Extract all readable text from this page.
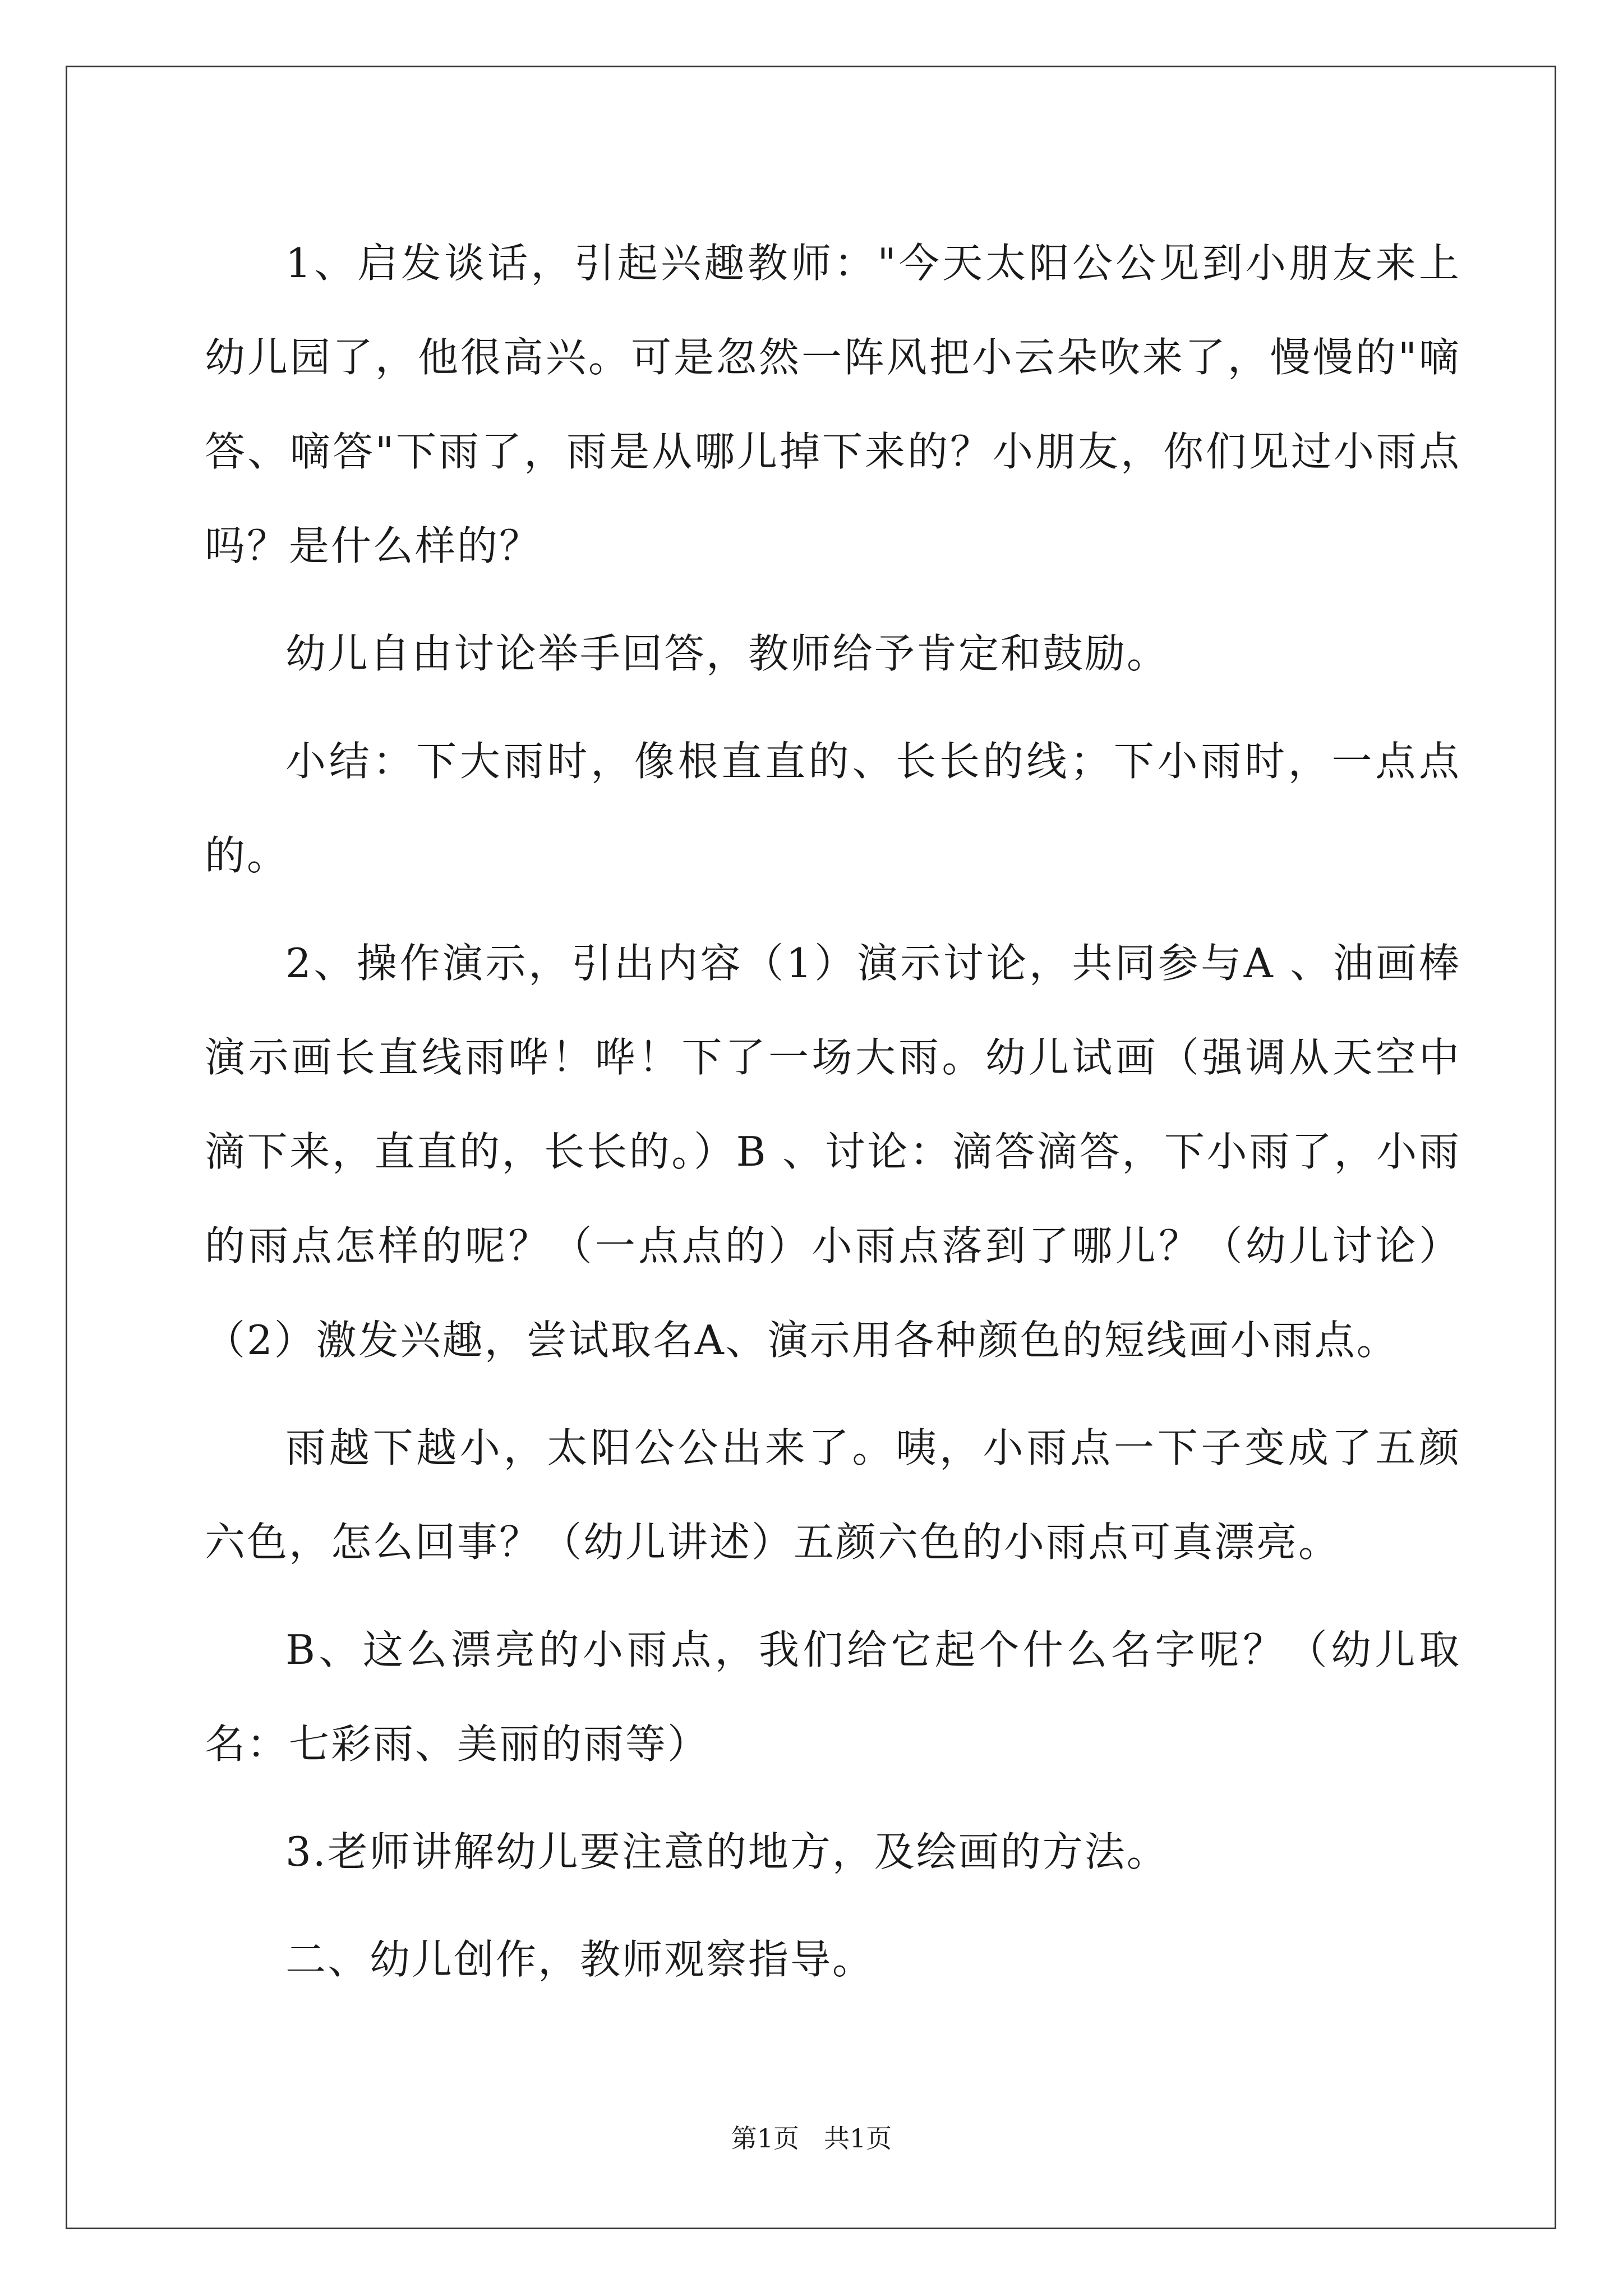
1、启发谈话，引起兴趣教师："今天太阳公公见到小朋友来上幼儿园了，他很高兴。可是忽然一阵风把小云朵吹来了，慢慢的"嘀答、嘀答"下雨了，雨是从哪儿掉下来的？小朋友，你们见过小雨点吗？是什么样的？

幼儿自由讨论举手回答，教师给予肯定和鼓励。

小结：下大雨时，像根直直的、长长的线；下小雨时，一点点的。

2、操作演示，引出内容（1）演示讨论，共同参与A 、油画棒演示画长直线雨哗！哗！下了一场大雨。幼儿试画（强调从天空中滴下来，直直的，长长的。）B 、讨论：滴答滴答，下小雨了，小雨的雨点怎样的呢？（一点点的）小雨点落到了哪儿？（幼儿讨论）（2）激发兴趣，尝试取名A、演示用各种颜色的短线画小雨点。

雨越下越小，太阳公公出来了。咦，小雨点一下子变成了五颜六色，怎么回事？（幼儿讲述）五颜六色的小雨点可真漂亮。

B、这么漂亮的小雨点，我们给它起个什么名字呢？（幼儿取名：七彩雨、美丽的雨等）

3.老师讲解幼儿要注意的地方，及绘画的方法。

二、幼儿创作，教师观察指导。

第1页 共1页
